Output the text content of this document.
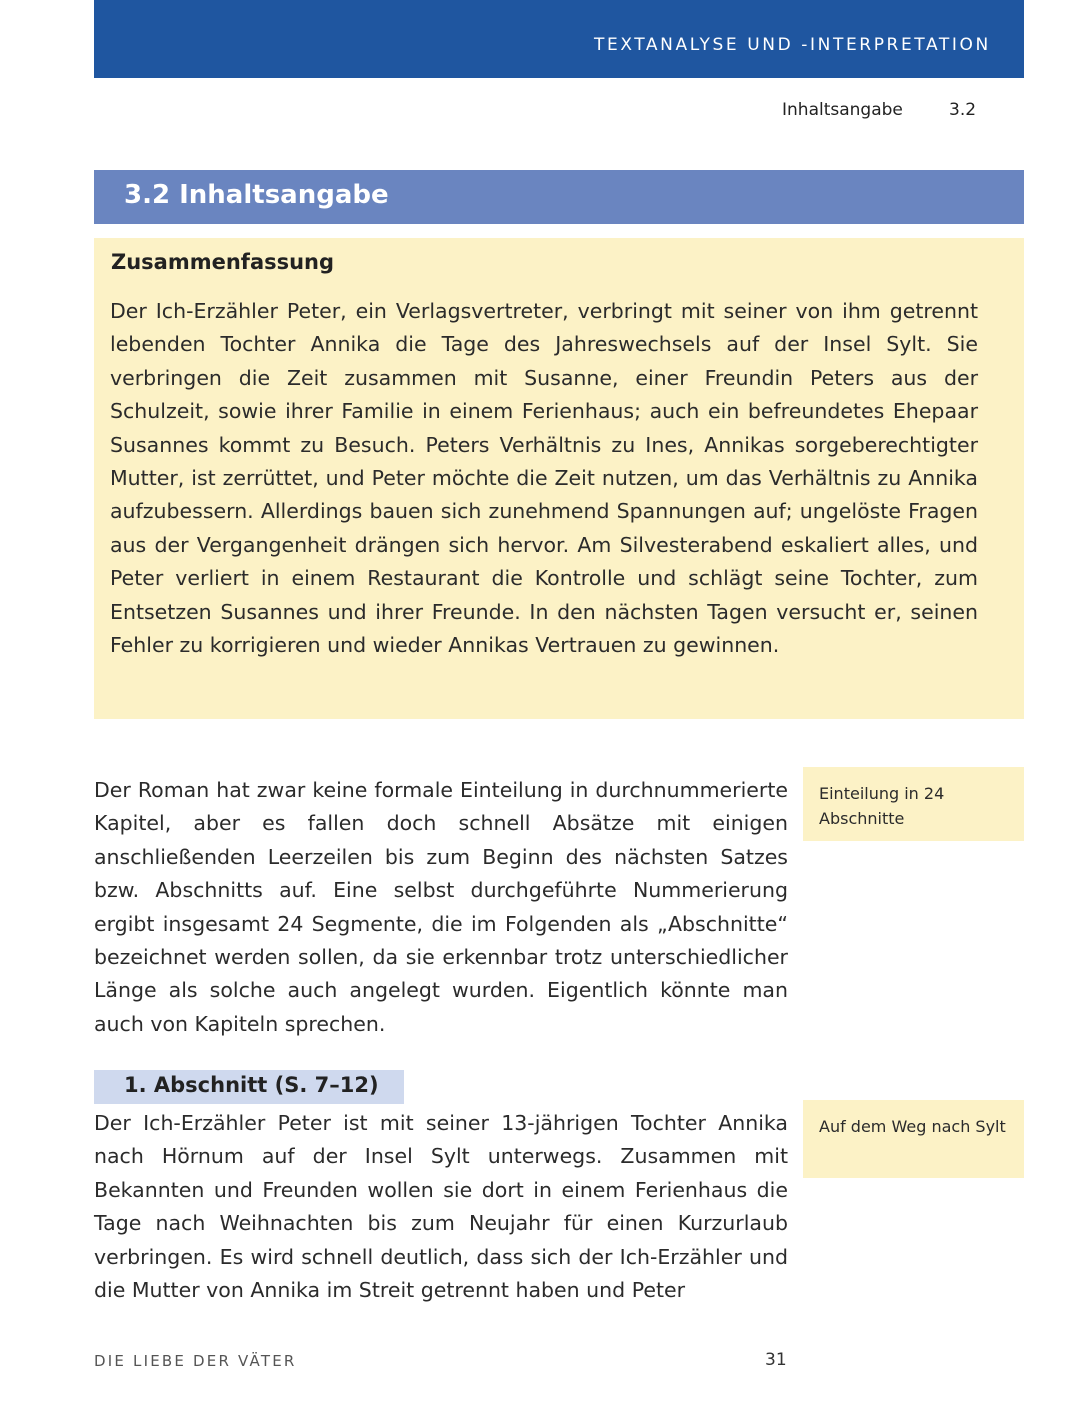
TEXTANALYSE UND -INTERPRETATION 3
Inhaltsangabe	3.2
3.2 Inhaltsangabe
Zusammenfassung
Der Ich-Erzähler Peter, ein Verlagsvertreter, verbringt mit seiner von ihm getrennt lebenden Tochter Annika die Tage des Jahreswechsels auf der Insel Sylt. Sie verbringen die Zeit zusammen mit Susanne, einer Freundin Peters aus der Schulzeit, sowie ihrer Familie in einem Ferienhaus; auch ein befreundetes Ehepaar Susannes kommt zu Besuch. Peters Verhältnis zu Ines, Annikas sorgeberechtigter Mutter, ist zerrüttet, und Peter möchte die Zeit nutzen, um das Verhältnis zu Annika aufzubessern. Allerdings bauen sich zunehmend Spannungen auf; ungelöste Fragen aus der Vergangenheit drängen sich hervor. Am Silvesterabend eskaliert alles, und Peter verliert in einem Restaurant die Kontrolle und schlägt seine Tochter, zum Entsetzen Susannes und ihrer Freunde. In den nächsten Tagen versucht er, seinen Fehler zu korrigieren und wieder Annikas Vertrauen zu gewinnen.
Der Roman hat zwar keine formale Einteilung in durchnummerierte Kapitel, aber es fallen doch schnell Absätze mit einigen anschließenden Leerzeilen bis zum Beginn des nächsten Satzes bzw. Abschnitts auf. Eine selbst durchgeführte Nummerierung ergibt insgesamt 24 Segmente, die im Folgenden als „Abschnitte“ bezeichnet werden sollen, da sie erkennbar trotz unterschiedlicher Länge als solche auch angelegt wurden. Eigentlich könnte man auch von Kapiteln sprechen.
Einteilung in 24 Abschnitte
1. Abschnitt (S. 7–12)
Der Ich-Erzähler Peter ist mit seiner 13-jährigen Tochter Annika nach Hörnum auf der Insel Sylt unterwegs. Zusammen mit Bekannten und Freunden wollen sie dort in einem Ferienhaus die Tage nach Weihnachten bis zum Neujahr für einen Kurzurlaub verbringen. Es wird schnell deutlich, dass sich der Ich-Erzähler und die Mutter von Annika im Streit getrennt haben und Peter
Auf dem Weg nach Sylt
DIE LIEBE DER VÄTER	31
